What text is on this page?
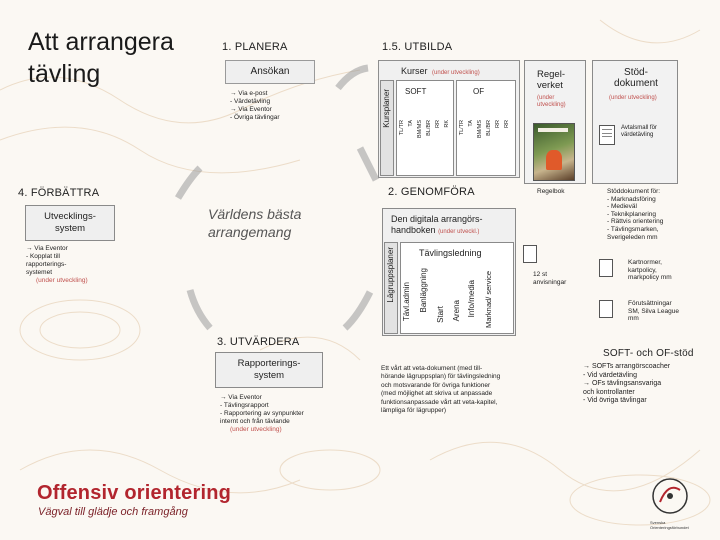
Att arrangera
tävling
1. PLANERA	1.5. UTBILDA
4. FÖRBÄTTRA	2. GENOMFÖRA
3. UTVÄRDERA
SOFT- och OF-stöd
Ansökan
→ Via e-post
- Värdetävling
→ Via Eventor
- Övriga tävlingar
Kurser (under utveckling)
Kursplaner SOFT	OF
TL/TR TA BM/MS BL/BR RR RK TL/TR TA BM/MS BL/BR RR RR
Regel-
verket
(under
utveckling)
Regelbok
Stöd-
dokument
(under utveckling)
Avtalsmall för
värdetävling
Stöddokument för:
- Marknadsföring
- Medieväl
- Teknikplanering
- Rättvis orientering
- Tävlingsmarken,
Sverigeleden mm
Kartnormer,
kartpolicy,
markpolicy mm
Förutsättningar
SM, Silva League
mm
Världens bästa
arrangemang
Utvecklings-
system
→ Via Eventor
- Kopplat till
rapporterings-
systemet
(under utveckling)
Den digitala arrangörs-
handboken (under utveckl.)
Lägruppsplaner	Tävlingsledning
Tävl.admin Banläggning
Start Arena Info/media Marknad/ service	12 st
anvisningar
Rapporterings-
system
→ Via Eventor
- Tävlingsrapport
- Rapportering av synpunkter
internt och från tävlande
(under utveckling)
Ett vårt att veta-dokument (med till-
hörande lägruppsplan) för tävlingsledning
och motsvarande för övriga funktioner
(med möjlighet att skriva ut anpassade
funktionsanpassade vårt att veta-kapitel,
lämpliga för lägrupper)
→ SOFTs arrangörscoacher
- Vid värdetävling
→ OFs tävlingsansvariga
och kontrollanter
- Vid övriga tävlingar
Offensiv orientering
Vägval till glädje och framgång
Svenska
Orienteringsförbundet
